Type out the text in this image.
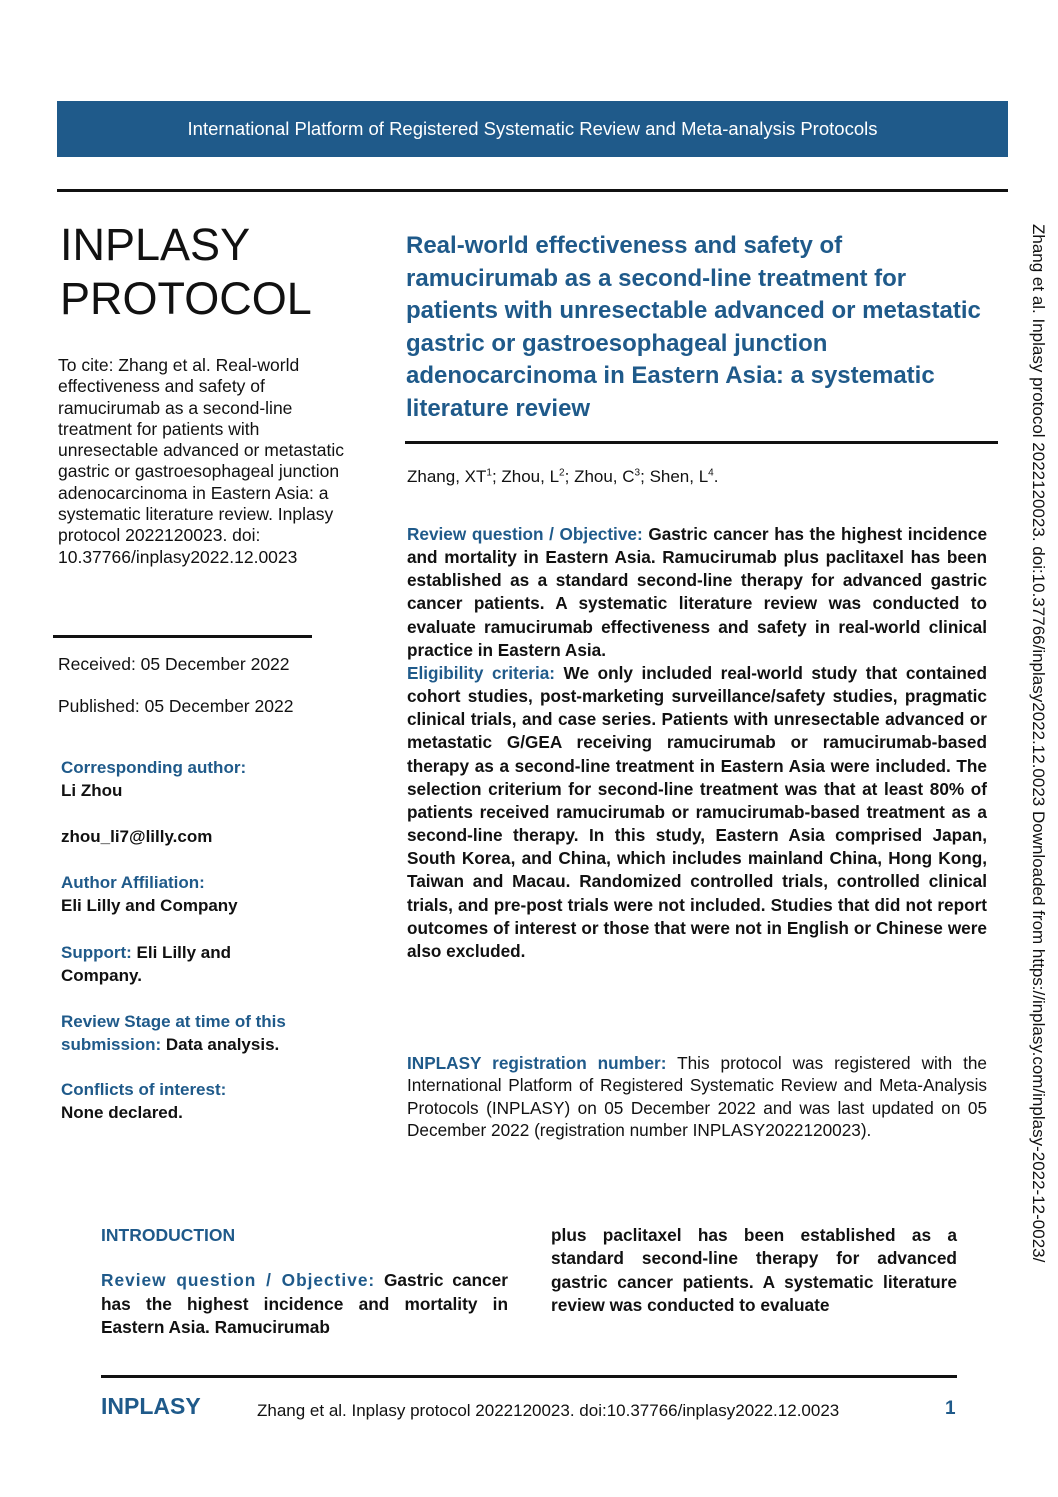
International Platform of Registered Systematic Review and Meta-analysis Protocols
INPLASY
PROTOCOL

To cite: Zhang et al. Real-world effectiveness and safety of ramucirumab as a second-line treatment for patients with unresectable advanced or metastatic gastric or gastroesophageal junction adenocarcinoma in Eastern Asia: a systematic literature review. Inplasy protocol 2022120023. doi: 10.37766/inplasy2022.12.0023

Received: 05 December 2022

Published: 05 December 2022

Corresponding author:

Li Zhou

zhou_li7@lilly.com

Author Affiliation:

Eli Lilly and Company

Support: Eli Lilly and Company.

Review Stage at time of this submission: Data analysis.

Conflicts of interest:

None declared.

Real-world effectiveness and safety of ramucirumab as a second-line treatment for patients with unresectable advanced or metastatic gastric or gastroesophageal junction adenocarcinoma in Eastern Asia: a systematic literature review
Zhang, $XT^1$; Zhou, $L^2$; Zhou, $C^3$; Shen, $L^4$.

Review question / Objective: Gastric cancer has the highest incidence and mortality in Eastern Asia. Ramucirumab plus paclitaxel has been established as a standard second-line therapy for advanced gastric cancer patients. A systematic literature review was conducted to evaluate ramucirumab effectiveness and safety in real-world clinical practice in Eastern Asia.

Eligibility criteria: We only included real-world study that contained cohort studies, post-marketing surveillance/safety studies, pragmatic clinical trials, and case series. Patients with unresectable advanced or metastatic G/GEA receiving ramucirumab or ramucirumab-based therapy as a second-line treatment in Eastern Asia were included. The selection criterium for second-line treatment was that at least 80% of patients received ramucirumab or ramucirumab-based treatment as a second-line therapy. In this study, Eastern Asia comprised Japan, South Korea, and China, which includes mainland China, Hong Kong, Taiwan and Macau. Randomized controlled trials, controlled clinical trials, and pre-post trials were not included. Studies that did not report outcomes of interest or those that were not in English or Chinese were also excluded.

INPLASY registration number: This protocol was registered with the International Platform of Registered Systematic Review and Meta-Analysis Protocols (INPLASY) on 05 December 2022 and was last updated on 05 December 2022 (registration number INPLASY2022120023).

INTRODUCTION

Review question / Objective: Gastric cancer has the highest incidence and mortality in Eastern Asia. Ramucirumab

plus paclitaxel has been established as a standard second-line therapy for advanced gastric cancer patients. A systematic literature review was conducted to evaluate

INPLASY	Zhang et al. Inplasy protocol 2022120023. doi:10.37766/inplasy2022.12.0023	1
Zhang et al. Inplasy protocol 2022120023. doi:10.37766/inplasy2022.12.0023 Downloaded from https://inplasy.com/inplasy-2022-12-0023/
